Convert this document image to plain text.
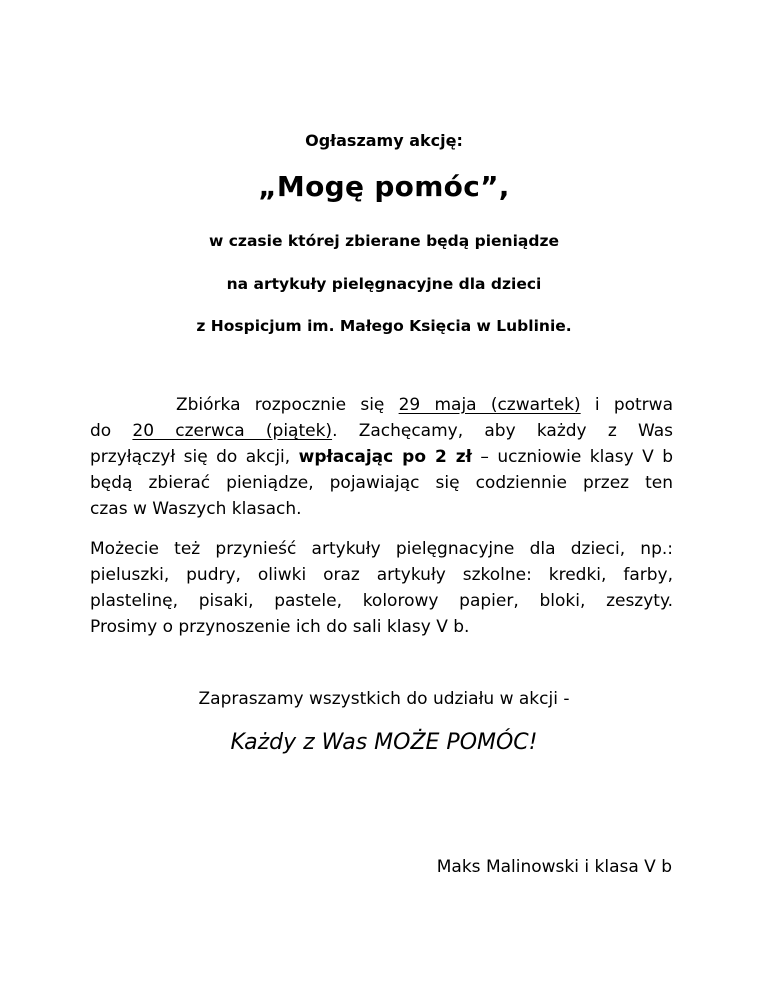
Ogłaszamy akcję:
„Mogę pomóc”,
w czasie której zbierane będą pieniądze
na artykuły pielęgnacyjne dla dzieci
z Hospicjum im. Małego Księcia w Lublinie.
Zbiórka rozpocznie się 29 maja (czwartek) i potrwa
do 20 czerwca (piątek). Zachęcamy, aby każdy z Was
przyłączył się do akcji, wpłacając po 2 zł – uczniowie klasy V b
będą zbierać pieniądze, pojawiając się codziennie przez ten
czas w Waszych klasach.
Możecie też przynieść artykuły pielęgnacyjne dla dzieci, np.:
pieluszki, pudry, oliwki oraz artykuły szkolne: kredki, farby,
plastelinę, pisaki, pastele, kolorowy papier, bloki, zeszyty.
Prosimy o przynoszenie ich do sali klasy V b.
Zapraszamy wszystkich do udziału w akcji -
Każdy z Was MOŻE POMÓC!
Maks Malinowski i klasa V b
